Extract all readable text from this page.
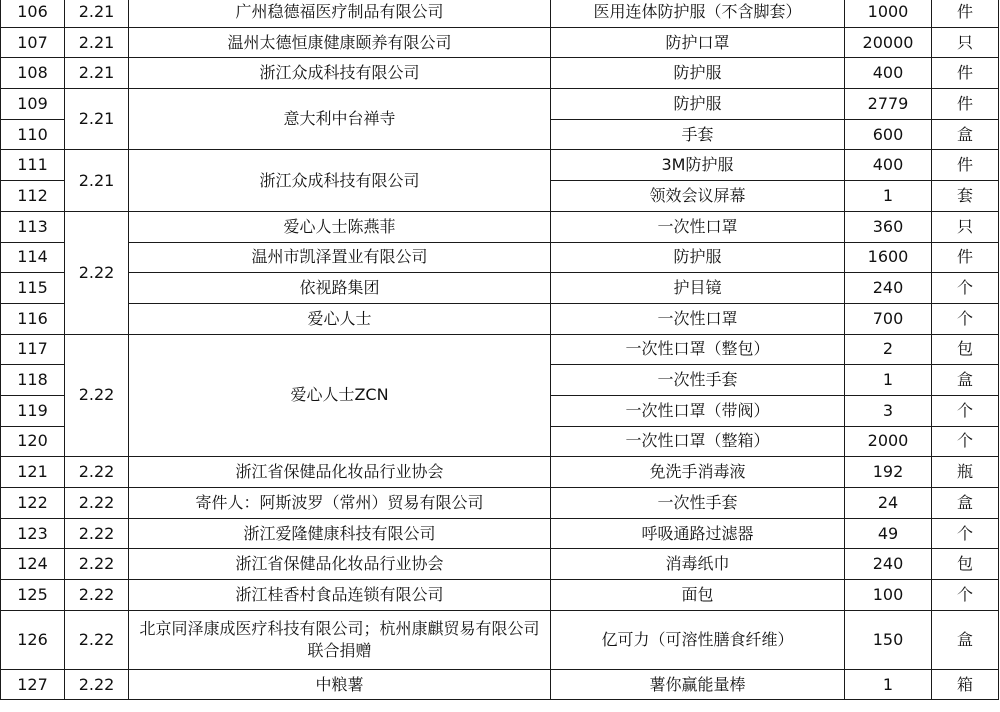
106	2.21	广州稳德福医疗制品有限公司	医用连体防护服（不含脚套）	1000	件
107	2.21	温州太德恒康健康颐养有限公司	防护口罩	20000	只
108	2.21	浙江众成科技有限公司	防护服	400	件
109	2.21	意大利中台禅寺	防护服	2779	件
110			手套	600	盒
111	2.21	浙江众成科技有限公司	3M防护服	400	件
112			领效会议屏幕	1	套
113	2.22	爱心人士陈燕菲	一次性口罩	360	只
114		温州市凯泽置业有限公司	防护服	1600	件
115		依视路集团	护目镜	240	个
116		爱心人士	一次性口罩	700	个
117	2.22	爱心人士ZCN	一次性口罩（整包）	2	包
118			一次性手套	1	盒
119			一次性口罩（带阀）	3	个
120			一次性口罩（整箱）	2000	个
121	2.22	浙江省保健品化妆品行业协会	免洗手消毒液	192	瓶
122	2.22	寄件人：阿斯波罗（常州）贸易有限公司	一次性手套	24	盒
123	2.22	浙江爱隆健康科技有限公司	呼吸通路过滤器	49	个
124	2.22	浙江省保健品化妆品行业协会	消毒纸巾	240	包
125	2.22	浙江桂香村食品连锁有限公司	面包	100	个
126	2.22	北京同泽康成医疗科技有限公司；杭州康麒贸易有限公司联合捐赠	亿可力（可溶性膳食纤维）	150	盒
127	2.22	中粮薯	薯你赢能量棒	1	箱
